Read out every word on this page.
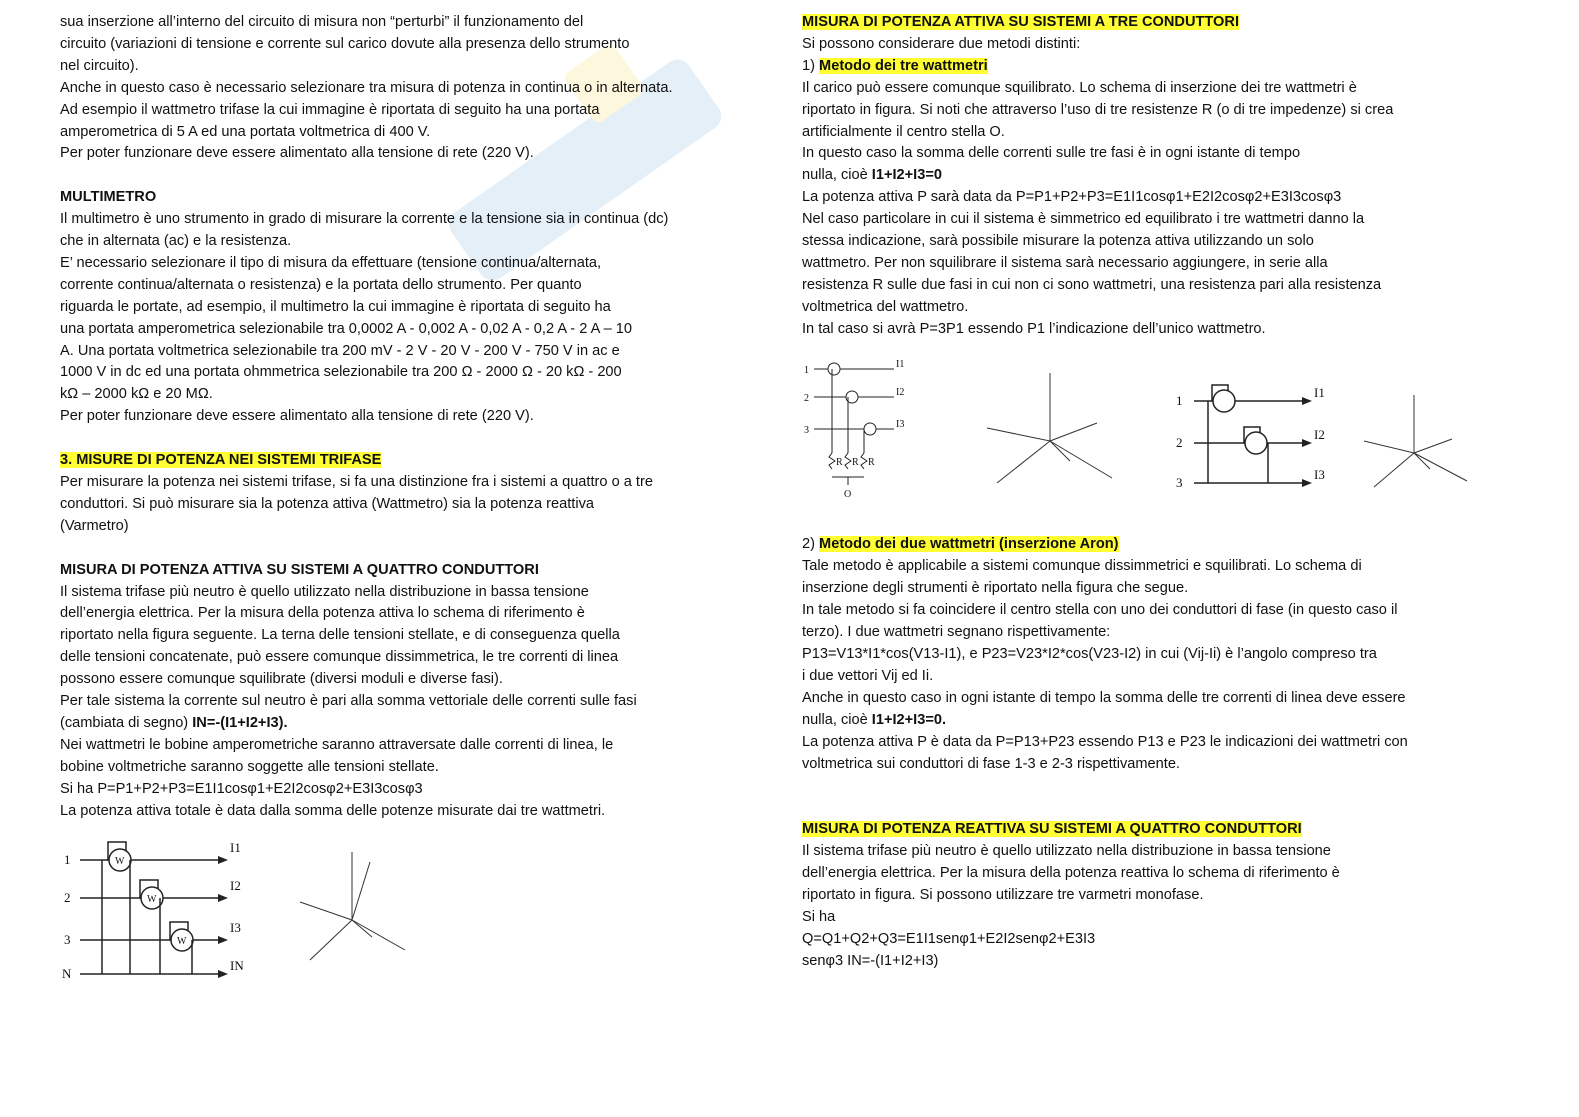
sua inserzione all’interno del circuito di misura non “perturbi” il funzionamento del
circuito (variazioni di tensione e corrente sul carico dovute alla presenza dello strumento
nel circuito).
Anche in questo caso è necessario selezionare tra misura di potenza in continua o in alternata.
Ad esempio il wattmetro trifase la cui immagine è riportata di seguito ha una portata
amperometrica di 5 A ed una portata voltmetrica di 400 V.
Per poter funzionare deve essere alimentato alla tensione di rete (220 V).

MULTIMETRO

Il multimetro è uno strumento in grado di misurare la corrente e la tensione sia in continua (dc)
che in alternata (ac) e la resistenza.
E’ necessario selezionare il tipo di misura da effettuare (tensione continua/alternata,
corrente continua/alternata o resistenza) e la portata dello strumento. Per quanto
riguarda le portate, ad esempio, il multimetro la cui immagine è riportata di seguito ha
una portata amperometrica selezionabile tra 0,0002 A - 0,002 A - 0,02 A - 0,2 A - 2 A – 10
A. Una portata voltmetrica selezionabile tra 200 mV - 2 V - 20 V - 200 V - 750 V in ac e
1000 V in dc ed una portata ohmmetrica selezionabile tra 200 Ω - 2000 Ω - 20 kΩ - 200
kΩ – 2000 kΩ e 20 MΩ.
Per poter funzionare deve essere alimentato alla tensione di rete (220 V).

3. MISURE DI POTENZA NEI SISTEMI TRIFASE

Per misurare la potenza nei sistemi trifase, si fa una distinzione fra i sistemi a quattro o a tre
conduttori. Si può misurare sia la potenza attiva (Wattmetro) sia la potenza reattiva
(Varmetro)

MISURA DI POTENZA ATTIVA SU SISTEMI A QUATTRO CONDUTTORI

Il sistema trifase più neutro è quello utilizzato nella distribuzione in bassa tensione
dell’energia elettrica. Per la misura della potenza attiva lo schema di riferimento è
riportato nella figura seguente. La terna delle tensioni stellate, e di conseguenza quella
delle tensioni concatenate, può essere comunque dissimmetrica, le tre correnti di linea
possono essere comunque squilibrate (diversi moduli e diverse fasi).
Per tale sistema la corrente sul neutro è pari alla somma vettoriale delle correnti sulle fasi
(cambiata di segno) IN=-(I1+I2+I3).

Nei wattmetri le bobine amperometriche saranno attraversate dalle correnti di linea, le
bobine voltmetriche saranno soggette alle tensioni stellate.
Si ha P=P1+P2+P3=E1I1cosφ1+E2I2cosφ2+E3I3cosφ3
La potenza attiva totale è data dalla somma delle potenze misurate dai tre wattmetri.

1
2
3
N
W
W
W
I1
I2
I3
IN

MISURA DI POTENZA ATTIVA SU SISTEMI A TRE CONDUTTORI

Si possono considerare due metodi distinti:

1) Metodo dei tre wattmetri

Il carico può essere comunque squilibrato. Lo schema di inserzione dei tre wattmetri è
riportato in figura. Si noti che attraverso l’uso di tre resistenze R (o di tre impedenze) si crea
artificialmente il centro stella O.
In questo caso la somma delle correnti sulle tre fasi è in ogni istante di tempo
nulla, cioè I1+I2+I3=0

La potenza attiva P sarà data da P=P1+P2+P3=E1I1cosφ1+E2I2cosφ2+E3I3cosφ3
Nel caso particolare in cui il sistema è simmetrico ed equilibrato i tre wattmetri danno la
stessa indicazione, sarà possibile misurare la potenza attiva utilizzando un solo
wattmetro. Per non squilibrare il sistema sarà necessario aggiungere, in serie alla
resistenza R sulle due fasi in cui non ci sono wattmetri, una resistenza pari alla resistenza
voltmetrica del wattmetro.
In tal caso si avrà P=3P1 essendo P1 l’indicazione dell’unico wattmetro.

1
2
3
R R R
O
I1
I2
I3
1
2
3
I1
I2
I3

2) Metodo dei due wattmetri (inserzione Aron)

Tale metodo è applicabile a sistemi comunque dissimmetrici e squilibrati. Lo schema di
inserzione degli strumenti è riportato nella figura che segue.
In tale metodo si fa coincidere il centro stella con uno dei conduttori di fase (in questo caso il
terzo). I due wattmetri segnano rispettivamente:
P13=V13*I1*cos(V13-I1), e P23=V23*I2*cos(V23-I2) in cui (Vij-Ii) è l’angolo compreso tra
i due vettori Vij ed Ii.
Anche in questo caso in ogni istante di tempo la somma delle tre correnti di linea deve essere
nulla, cioè I1+I2+I3=0.

La potenza attiva P è data da P=P13+P23 essendo P13 e P23 le indicazioni dei wattmetri con
voltmetrica sui conduttori di fase 1-3 e 2-3 rispettivamente.

MISURA DI POTENZA REATTIVA SU SISTEMI A QUATTRO CONDUTTORI

Il sistema trifase più neutro è quello utilizzato nella distribuzione in bassa tensione
dell’energia elettrica. Per la misura della potenza reattiva lo schema di riferimento è
riportato in figura. Si possono utilizzare tre varmetri monofase.
Si ha
Q=Q1+Q2+Q3=E1I1senφ1+E2I2senφ2+E3I3
senφ3 IN=-(I1+I2+I3)
